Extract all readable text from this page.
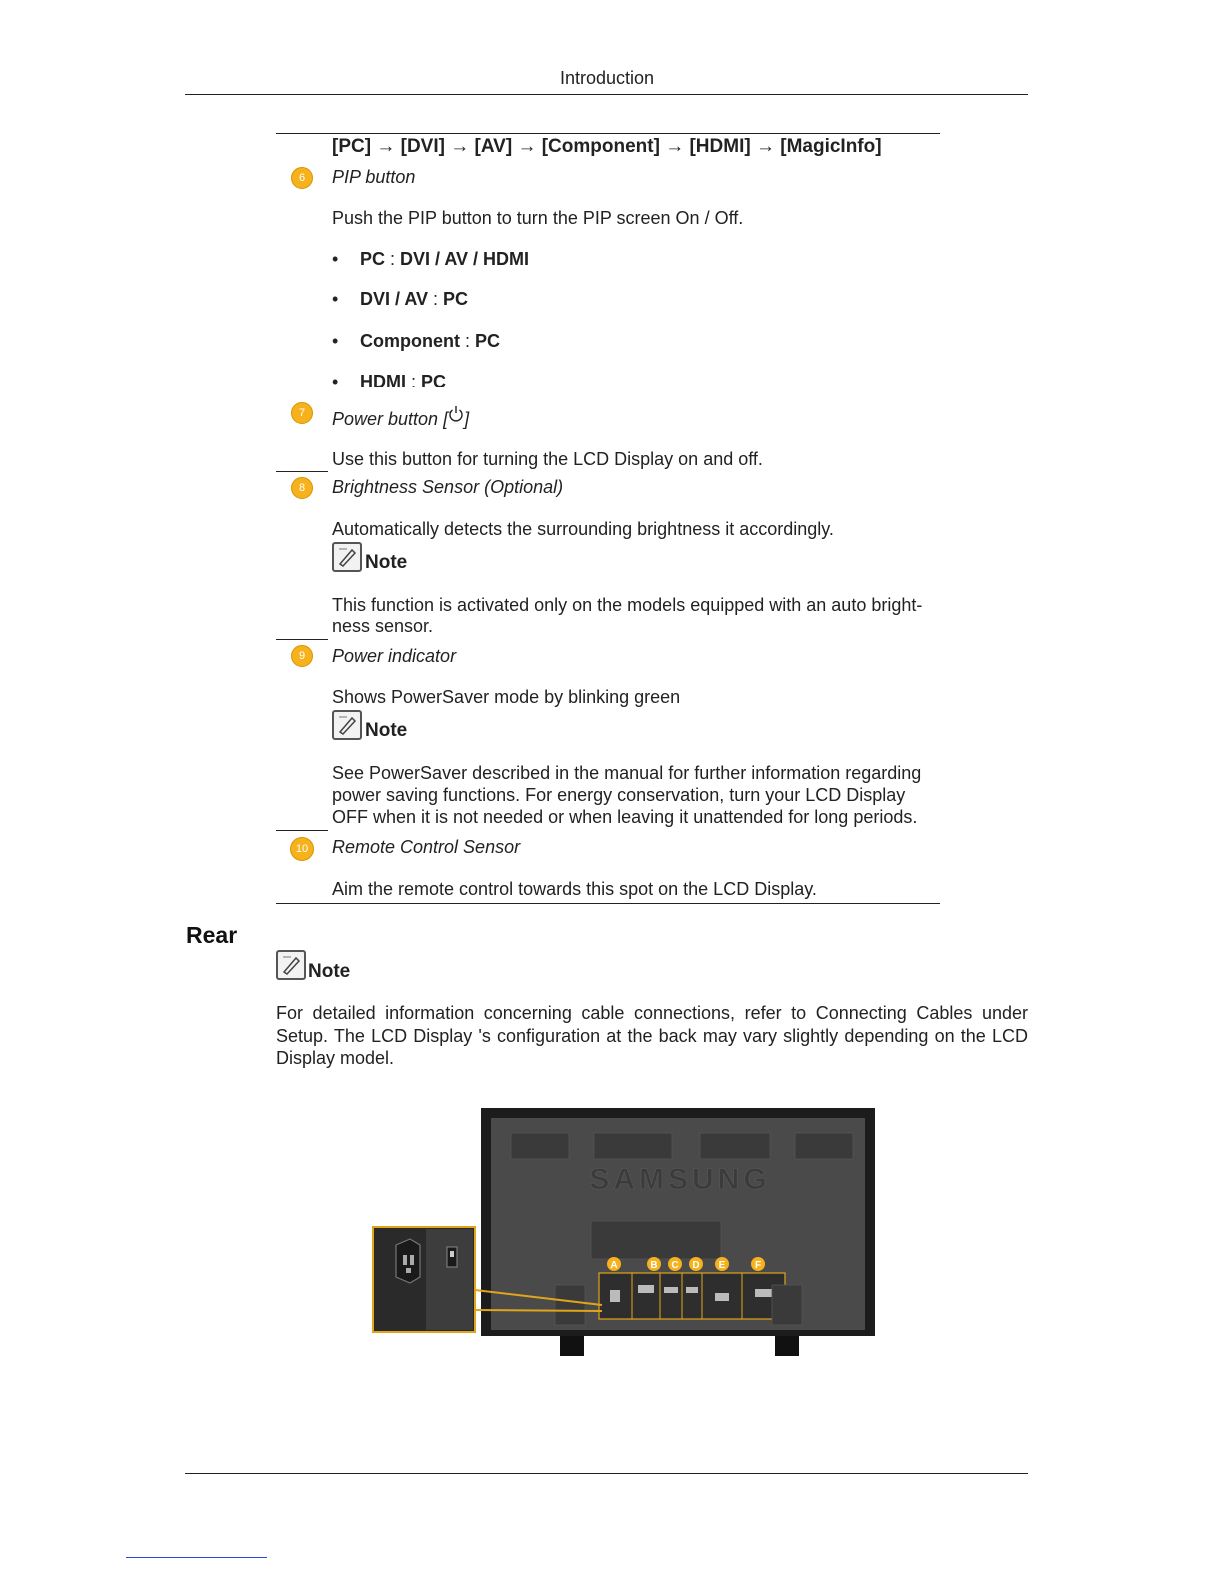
Introduction
[PC] → [DVI] → [AV] → [Component] → [HDMI] → [MagicInfo]
6	PIP button
Push the PIP button to turn the PIP screen On / Off.
• PC : DVI / AV / HDMI
• DVI / AV : PC
• Component : PC
• HDMI : PC
7	Power button [ ]
Use this button for turning the LCD Display on and off.
8	Brightness Sensor (Optional)
Automatically detects the surrounding brightness it accordingly.
Note
This function is activated only on the models equipped with an auto bright-
ness sensor.
9	Power indicator
Shows PowerSaver mode by blinking green
Note
See PowerSaver described in the manual for further information regarding
power saving functions. For energy conservation, turn your LCD Display
OFF when it is not needed or when leaving it unattended for long periods.
10	Remote Control Sensor
Aim the remote control towards this spot on the LCD Display.
Rear
Note
For detailed information concerning cable connections, refer to Connecting Cables under
Setup. The LCD Display 's configuration at the back may vary slightly depending on the LCD
Display model.
SAMSUNG
A	B C D E	F
